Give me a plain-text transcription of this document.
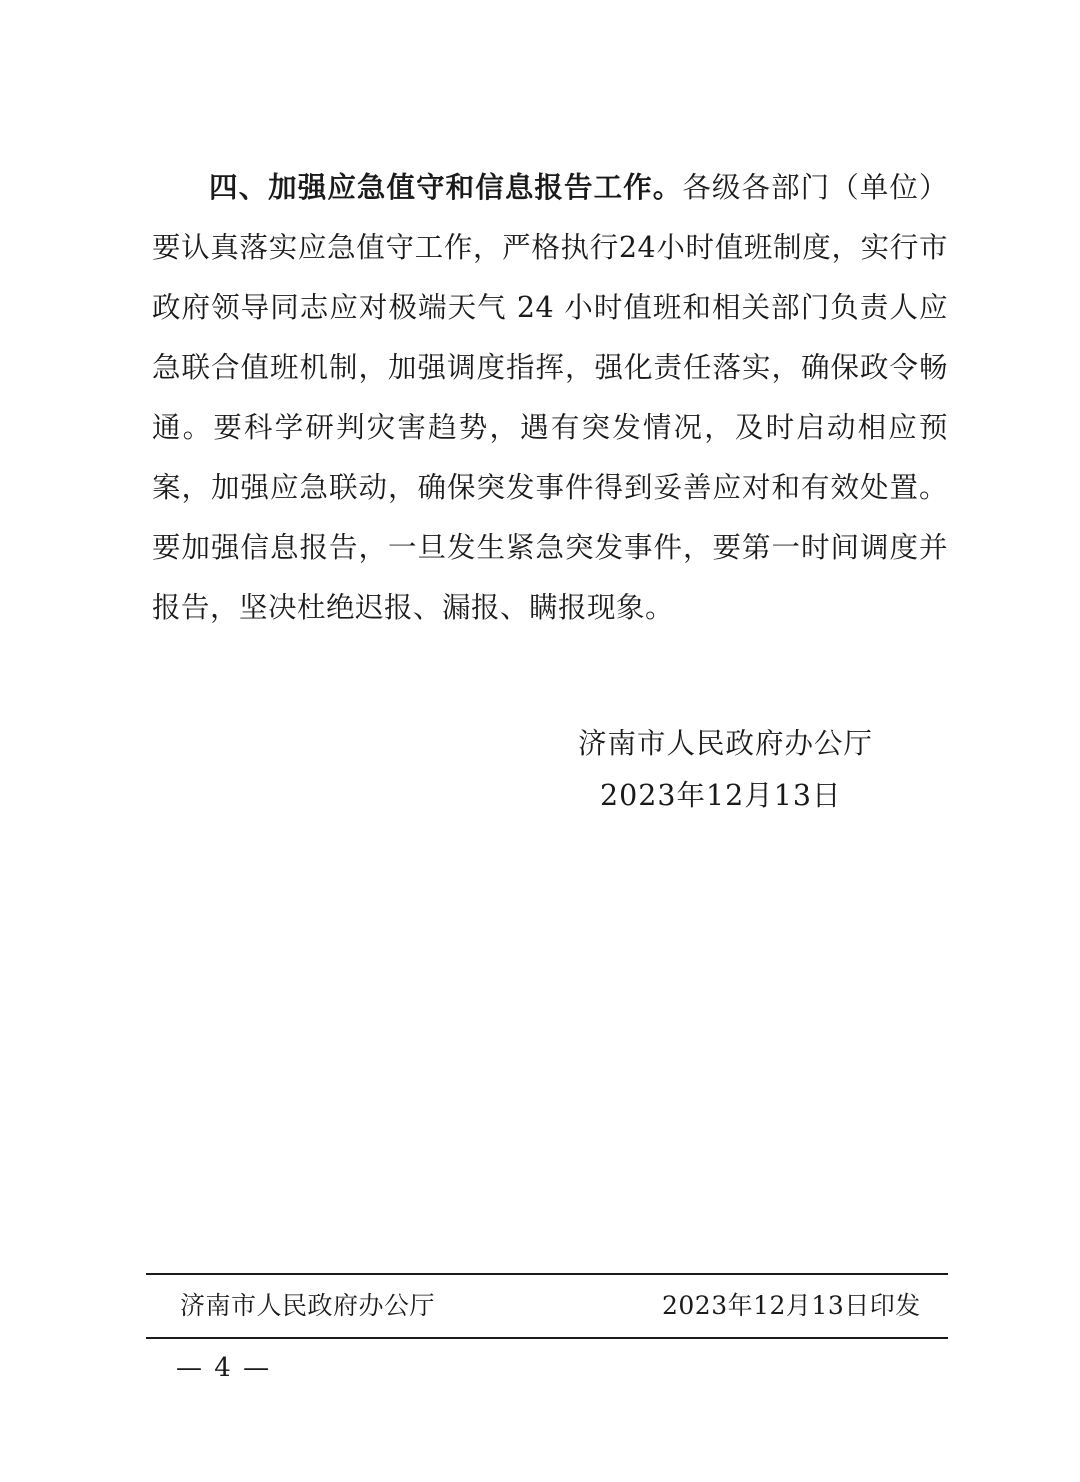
四、加强应急值守和信息报告工作。各级各部门（单位）要认真落实应急值守工作，严格执行24小时值班制度，实行市政府领导同志应对极端天气 24 小时值班和相关部门负责人应急联合值班机制，加强调度指挥，强化责任落实，确保政令畅通。要科学研判灾害趋势，遇有突发情况，及时启动相应预案，加强应急联动，确保突发事件得到妥善应对和有效处置。要加强信息报告，一旦发生紧急突发事件，要第一时间调度并报告，坚决杜绝迟报、漏报、瞒报现象。
济南市人民政府办公厅
2023年12月13日
济南市人民政府办公厅	2023年12月13日印发
— 4 —
